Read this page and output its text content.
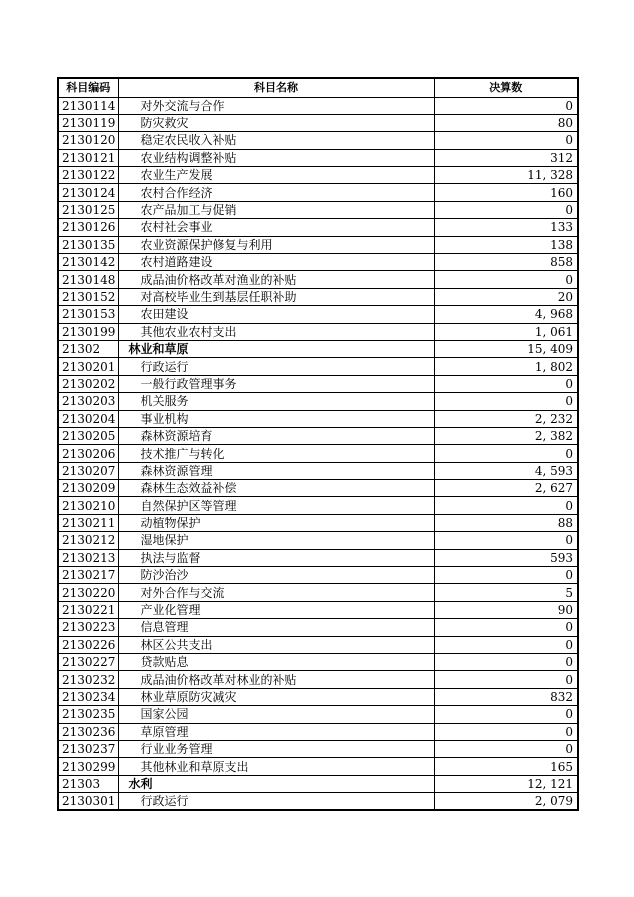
科目编码	科目名称	决算数
2130114	对外交流与合作	0
2130119	防灾救灾	80
2130120	稳定农民收入补贴	0
2130121	农业结构调整补贴	312
2130122	农业生产发展	11, 328
2130124	农村合作经济	160
2130125	农产品加工与促销	0
2130126	农村社会事业	133
2130135	农业资源保护修复与利用	138
2130142	农村道路建设	858
2130148	成品油价格改革对渔业的补贴	0
2130152	对高校毕业生到基层任职补助	20
2130153	农田建设	4, 968
2130199	其他农业农村支出	1, 061
21302	林业和草原	15, 409
2130201	行政运行	1, 802
2130202	一般行政管理事务	0
2130203	机关服务	0
2130204	事业机构	2, 232
2130205	森林资源培育	2, 382
2130206	技术推广与转化	0
2130207	森林资源管理	4, 593
2130209	森林生态效益补偿	2, 627
2130210	自然保护区等管理	0
2130211	动植物保护	88
2130212	湿地保护	0
2130213	执法与监督	593
2130217	防沙治沙	0
2130220	对外合作与交流	5
2130221	产业化管理	90
2130223	信息管理	0
2130226	林区公共支出	0
2130227	贷款贴息	0
2130232	成品油价格改革对林业的补贴	0
2130234	林业草原防灾减灾	832
2130235	国家公园	0
2130236	草原管理	0
2130237	行业业务管理	0
2130299	其他林业和草原支出	165
21303	水利	12, 121
2130301	行政运行	2, 079
